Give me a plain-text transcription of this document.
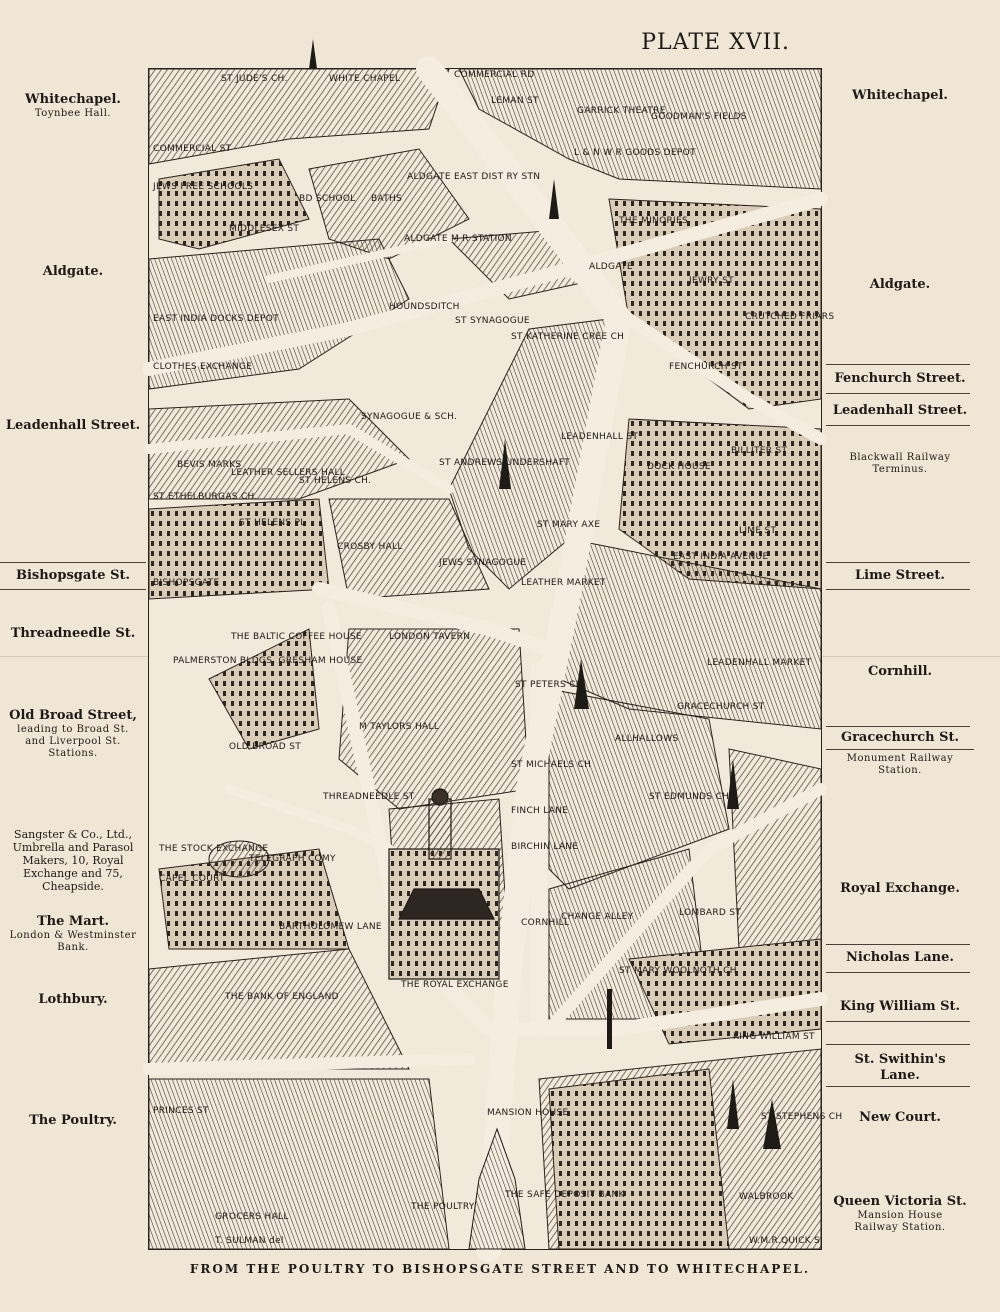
PLATE XVII.
Whitechapel.
Toynbee Hall.
Aldgate.
Leadenhall Street.
Bishopsgate St.
Threadneedle St.
Old Broad Street,
leading to Broad St. and Liverpool St. Stations.
Sangster & Co., Ltd., Umbrella and Parasol Makers, 10, Royal Exchange and 75, Cheapside.
The Mart.
London & Westminster Bank.
Lothbury.
The Poultry.
Whitechapel.
Aldgate.
Fenchurch Street.
Leadenhall Street.
Blackwall Railway Terminus.
Lime Street.
Cornhill.
Gracechurch St.
Monument Railway Station.
Royal Exchange.
Nicholas Lane.
King William St.
St. Swithin's Lane.
New Court.
Queen Victoria St.
Mansion House Railway Station.
ST JUDE'S CH.	WHITE CHAPEL	COMMERCIAL RD
LEMAN ST
GARRICK THEATRE
GOODMAN'S FIELDS
COMMERCIAL ST	L & N W R GOODS DEPOT
JEWS FREE SCHOOLS
BD SCHOOL BATHS
ALDGATE EAST DIST RY STN
MIDDLESEX ST
ALDGATE M R STATION
THE MINORIES
HOUNDSDITCH
ALDGATE
JEWRY ST
EAST INDIA DOCKS DEPOT
CLOTHES EXCHANGE
ST SYNAGOGUE	CRUTCHED FRIARS
ST KATHERINE CREE CH
FENCHURCH ST
BEVIS MARKS
SYNAGOGUE & SCH.
LEADENHALL ST
BILLITER ST
DOCK HOUSE
ST ANDREWS UNDERSHAFT
LEATHER SELLERS HALL
ST HELENS CH.
ST ETHELBURGAS CH.
ST HELENS PL	ST MARY AXE
LIME ST
CROSBY HALL
EAST INDIA AVENUE
BISHOPSGATE
JEWS SYNAGOGUE
LEATHER MARKET
THE BALTIC COFFEE HOUSE
PALMERSTON BLDGS. GRESHAM HOUSE
LONDON TAVERN
LEADENHALL MARKET
ST PETERS CH
GRACECHURCH ST
M TAYLORS HALL
OLD BROAD ST
ALLHALLOWS
ST MICHAELS CH
FINCH LANE
THREADNEEDLE ST	ST EDMUNDS CH
BIRCHIN LANE
THE STOCK EXCHANGE
CAPEL COURT
TELEGRAPH COMY
CORNHILL
LOMBARD ST
BARTHOLOMEW LANE
CHANGE ALLEY
THE ROYAL EXCHANGE
ST MARY WOOLNOTH CH
THE BANK OF ENGLAND
KING WILLIAM ST
PRINCES ST	MANSION HOUSE	ST STEPHENS CH
THE POULTRY
GROCERS HALL
THE SAFE DEPOSIT BANK	WALBROOK
T. SULMAN del	W.M.R.QUICK S
FROM THE POULTRY TO BISHOPSGATE STREET AND TO WHITECHAPEL.
